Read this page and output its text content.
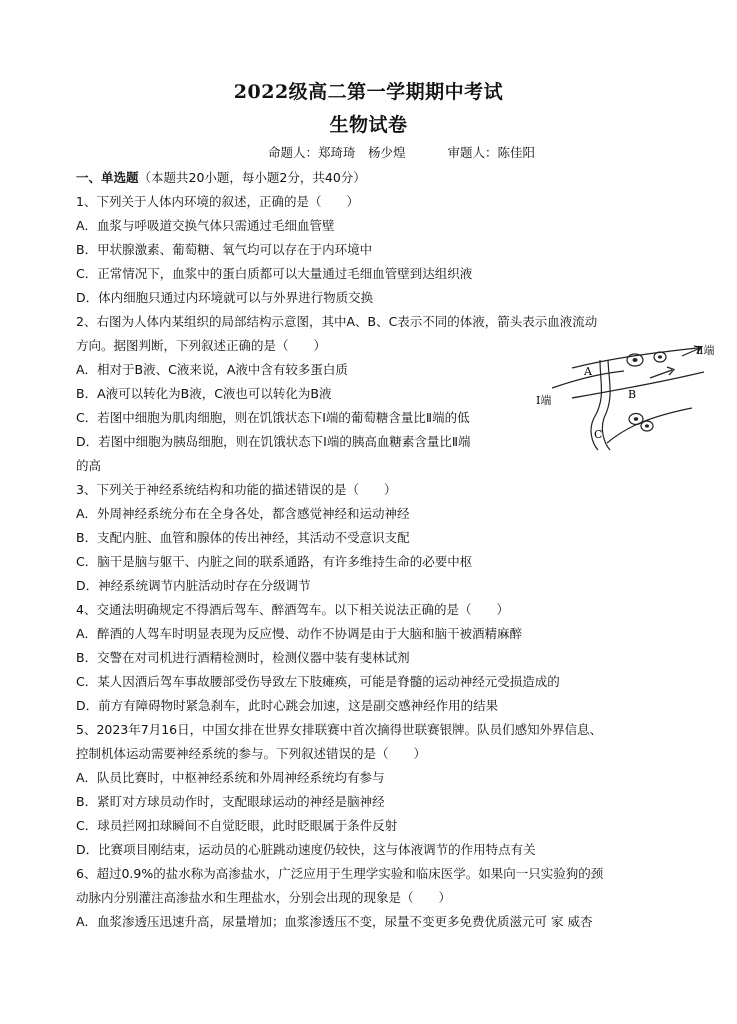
2022级高二第一学期期中考试
生物试卷
命题人：郑琦琦　杨少煌	审题人：陈佳阳
一、单选题（本题共20小题，每小题2分，共40分）
1、下列关于人体内环境的叙述，正确的是（　　）
A．血浆与呼吸道交换气体只需通过毛细血管壁
B．甲状腺激素、葡萄糖、氧气均可以存在于内环境中
C．正常情况下，血浆中的蛋白质都可以大量通过毛细血管壁到达组织液
D．体内细胞只通过内环境就可以与外界进行物质交换
2、右图为人体内某组织的局部结构示意图，其中A、B、C表示不同的体液，箭头表示血液流动
方向。据图判断，下列叙述正确的是（　　）
A．相对于B液、C液来说，A液中含有较多蛋白质
B．A液可以转化为B液，C液也可以转化为B液
C．若图中细胞为肌肉细胞，则在饥饿状态下Ⅰ端的葡萄糖含量比Ⅱ端的低
D．若图中细胞为胰岛细胞，则在饥饿状态下Ⅰ端的胰高血糖素含量比Ⅱ端
的高
3、下列关于神经系统结构和功能的描述错误的是（　　）
A．外周神经系统分布在全身各处，都含感觉神经和运动神经
B．支配内脏、血管和腺体的传出神经，其活动不受意识支配
C．脑干是脑与躯干、内脏之间的联系通路，有许多维持生命的必要中枢
D．神经系统调节内脏活动时存在分级调节
4、交通法明确规定不得酒后驾车、醉酒驾车。以下相关说法正确的是（　　）
A．醉酒的人驾车时明显表现为反应慢、动作不协调是由于大脑和脑干被酒精麻醉
B．交警在对司机进行酒精检测时，检测仪器中装有斐林试剂
C．某人因酒后驾车事故腰部受伤导致左下肢瘫痪，可能是脊髓的运动神经元受损造成的
D．前方有障碍物时紧急刹车，此时心跳会加速，这是副交感神经作用的结果
5、2023年7月16日，中国女排在世界女排联赛中首次摘得世联赛银牌。队员们感知外界信息、
控制机体运动需要神经系统的参与。下列叙述错误的是（　　）
A．队员比赛时，中枢神经系统和外周神经系统均有参与
B．紧盯对方球员动作时，支配眼球运动的神经是脑神经
C．球员拦网扣球瞬间不自觉眨眼，此时眨眼属于条件反射
D．比赛项目刚结束，运动员的心脏跳动速度仍较快，这与体液调节的作用特点有关
6、超过0.9%的盐水称为高渗盐水，广泛应用于生理学实验和临床医学。如果向一只实验狗的颈
动脉内分别灌注高渗盐水和生理盐水，分别会出现的现象是（　　）
A．血浆渗透压迅速升高，尿量增加；血浆渗透压不变，尿量不变更多免费优质滋元可 家 威杏
A
B
C
Ⅰ端
Ⅱ端
